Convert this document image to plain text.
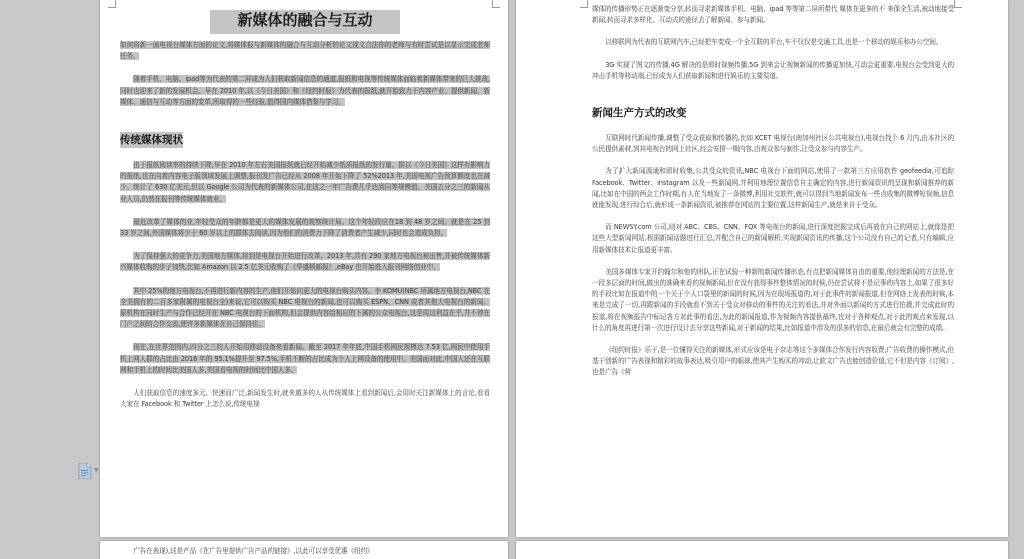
新媒体的融合与互动

如何将新一面电视台媒体方面的论文,将媒体报与新媒体的融合与互动分析的论文现文合法你的老师与有时尝试是以显示完成老师任务。

随着手机、电脑、ipad等为代表的第二屏成为人们获取新闻信息的通道,报纸和电视等传统媒体面临着新媒体带来的巨大挑战,同时也迎来了新的发展机会。早在 2010 年,以《今日美国》和《纽约时报》为代表的报纸,就开始致力于内容产业。提供新闻、新媒体、通信与互动等方面的变革,所取得的一些经验,值得国内媒体借鉴与学习。

传统媒体现状

由于报纸阅读率的持续下降,早在 2010 年左右美国报纸就已经开始减少纸质报纸的发行量。据以《今日美国》这样有影响力的报纸,也在向着内容电子版领域发展上调整,报刊发广告已经从 2008 年开始下降了 52%2013 年,美国电视广告预算额度也在减少。统计了 630 亿美元,但以 Google 公司为代表的新媒体公司,在这之一年广告费几乎达到同等规模值。美国五分之三的新闻从业人员,仍然在报刊等传统媒体就业。

最近改革了媒体的业,年轻受众的年龄都是更大的媒体发展的观察统计局。这个年轻段应在18 到 48 岁之间。就是在 25 到 33 岁之间,外国媒体将少于 60 岁以上的群体去阅读,因为他们的消费力下降了消费者产生减少,同时也会造成负担。

为了保持强大的竞争力,美国地方媒体,将到是电视台开始进行改革。2013 年,共有 290 家地方电视台被出售,并被传统媒体新兴媒体收购的步子加快,比如 Amazon 以 2.5 亿美元收购了《华盛顿邮报》,eBay 也开始进入报刊网络创业中。

其中 25%的地方电视台,不再进行新内容的生产,他们开始向更大的电视台购买内容。李 KOMU(NBC 所属地方电视台,NBC 在全美拥有的二百多家附属的电视台全)来说,它可以购买 NBC 电视台的新闻,也可以购买 ESPN、CNN 或者其他大电视台的新闻。原机构在同时生产与合作已经开在 NBC 电视台的下面机构,但会提供内容给相应的下属的公众电视台,这是周边利益在乎,并不停在门户之间的合作交流,使许多新媒体在自己保持住。

现在,在世界范围内,四分之三的人开始用移动设备来看新闻。截至 2017 年年底,中国手机网民规模达 7.53 亿,网民中使用手机上网人群的占比由 2016 年的 95.1%提升至 97.5%,手机不断的占比成为个人上网设备的使用中。美国面对此,中国人还在互联网和手机上的时间比美国人多,美国看电视的时间比中国人多。

人们获取信息的速度多元、快速而广泛,新闻发生时,就来越多的人从传统媒体上看到新闻后,会用时关注新媒体上的言论,看看大家在 Facebook 和 Twitter 上怎么说,传统电视

▼

媒体的传播形势正在逐渐变分享,转而寻求新媒体手机、电脑、ipad 等等第二屏所带代 媒体在更多的不 来保全生活,被动地接受新闻,转而寻求多样化、互动式的途径去了解新闻、参与新闻。

以移联网为代表的互联网汽车,已经把车变成一个全互联的平台,车不仅仅是交通工具,也是一个移动的娱乐和办公空间。

3G 实现了图文的传播,4G 解决的是即时视频传播,5G 到来会让视频新闻的传播更加快,互动会更重要,电视台会受到更大的冲击手机等移动端,已经成为人们获取新闻和进行娱乐的主要渠道。

新闻生产方式的改变

互联网时代新闻传播,调整了受众获取和传播的,比如 KCET 电视台(南加州社区公共电视台),电视台找个 6 月内,由本社区的公民提供素材,到其电视台的网上社区,经会安排一期内容,由观众参与制作,让受众参与内容生产。

为了扩大新闻源通和即时收集,公共受众的资讯,NBC 电视台下面的网站,使用了一款第三方应用软件 geofeedia,可追踪 Facebook、Twitter、instagram 以及一些新闻网,并利用地理位置信息自主确定的内容,进行新闻资讯的呈现和新闻推荐的新闻,比如在中国的两会工作时期,有人在当地发了一条微博,利用社交软件,就可以得到当地新闻发布一些点收集的微博短视频,信息就能发现,进行综合后,就形成一条新闻资讯,被推荐在网站的主要位置,这样新闻生产,就是来自于受众。

而 NEWSY.com 公司,则对 ABC、CBS、CNN、FOX 等电视台的新闻,进行深度挖掘完成后再放在自己的网站上,就像是把这些大型新闻网站,根据新闻话题进行汇总,并配合自己的新闻解析,实现新闻资讯的传播,这个公司没有自己的记者,只有编辑,应用新媒体技术让报道更丰富。

美国多媒体专家开约翰尔和他的团队,正在试验一种新的新闻传播形态,有点把新闻媒体自由的重要,他经理新闻的方法是,在一段多层面的时间,做出的准确来看的视频新闻,但在没有获得事件整体情况的时候,仍在尝试将不是记事的内容上,如果了很多好的手段比如在报道中的一个关于个人口袋里的新闻的时候,因为在现场报道的,对于此事件的新闻报道,但在网络上发表的时候,本来是完成了一切,再跟新闻的手段就看不到关于受众对移动的事件的关注的看法,并对外面以新闻的方式进行拍摄,并完成此时的报道,将在视频报告中标记各方对此事的看法,为此的新闻报道,作为视频内容提供最终,也对于各种观点,对于此的观点来发现,以什么的角度再进行第一次进行设计去分享这些新闻,对于新闻的结果,比如报道中涉及的很多的信息,在最后就会有完整的成绩。

《纽约时报》乐于,是一位懂得关注的新媒体,形式应该是电子杂志等这个多媒体合作发行内容收费,广告收费的操作模式,但基于创新的广告表现和精彩的故事表达,吸引用户的眼球,使其产生购买的冲动,让软文广告也能创造价值,它不但是内容《订阅》,也是广告《营

广告在表现),这是产品《在广告里提供广告产品的链接》,以此可以享受优惠《纽约》
